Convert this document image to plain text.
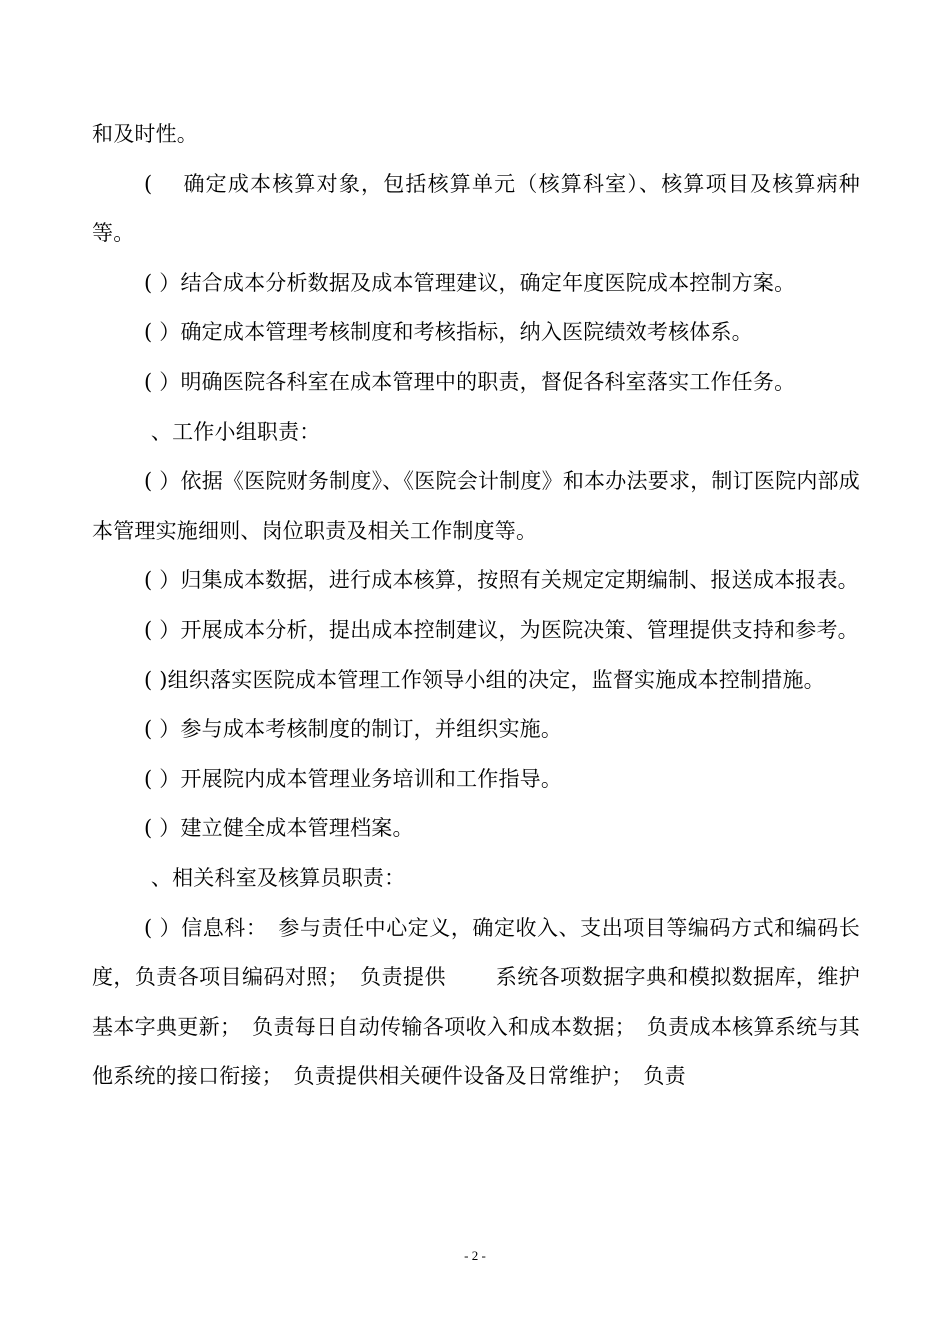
和及时性。

(　 确定成本核算对象，包括核算单元（核算科室）、核算项目及核算病种等。

( ）结合成本分析数据及成本管理建议，确定年度医院成本控制方案。

( ）确定成本管理考核制度和考核指标，纳入医院绩效考核体系。

( ）明确医院各科室在成本管理中的职责，督促各科室落实工作任务。

、工作小组职责：

( ）依据《医院财务制度》、《医院会计制度》和本办法要求，制订医院内部成本管理实施细则、岗位职责及相关工作制度等。

( ）归集成本数据，进行成本核算，按照有关规定定期编制、报送成本报表。

( ）开展成本分析，提出成本控制建议，为医院决策、管理提供支持和参考。

( )组织落实医院成本管理工作领导小组的决定，监督实施成本控制措施。

( ）参与成本考核制度的制订，并组织实施。

( ）开展院内成本管理业务培训和工作指导。

( ）建立健全成本管理档案。

、相关科室及核算员职责：

( ）信息科：　参与责任中心定义，确定收入、支出项目等编码方式和编码长度，负责各项目编码对照；　负责提供　　 系统各项数据字典和模拟数据库，维护　　 基本字典更新；　负责每日自动传输各项收入和成本数据；　负责成本核算系统与其他系统的接口衔接；　负责提供相关硬件设备及日常维护；　负责

- 2 -
